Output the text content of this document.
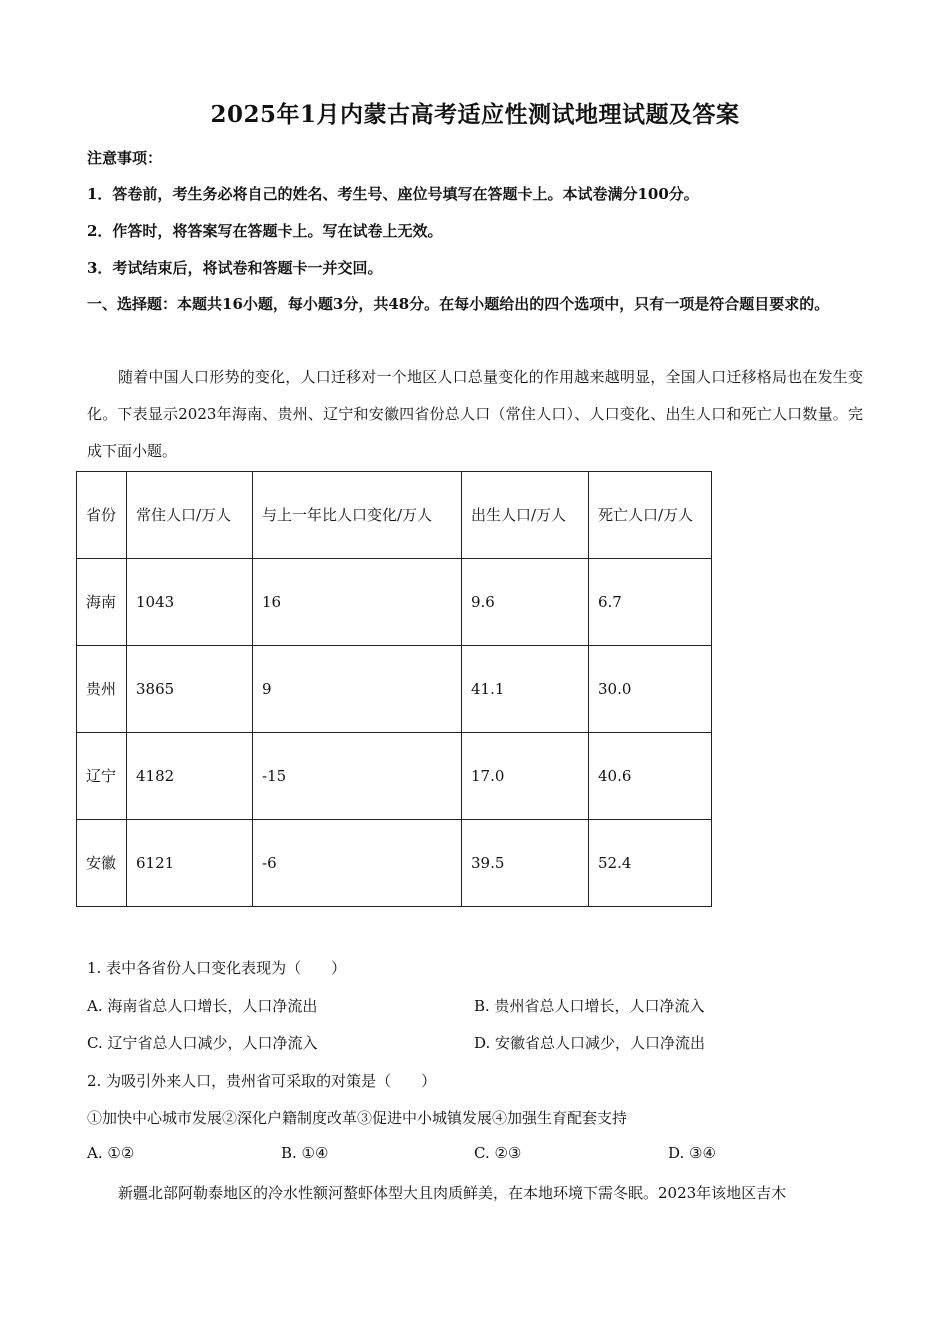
2025年1月内蒙古高考适应性测试地理试题及答案
注意事项：
1．答卷前，考生务必将自己的姓名、考生号、座位号填写在答题卡上。本试卷满分100分。
2．作答时，将答案写在答题卡上。写在试卷上无效。
3．考试结束后，将试卷和答题卡一并交回。
一、选择题：本题共16小题，每小题3分，共48分。在每小题给出的四个选项中，只有一项是符合题目要求的。
随着中国人口形势的变化，人口迁移对一个地区人口总量变化的作用越来越明显，全国人口迁移格局也在发生变化。下表显示2023年海南、贵州、辽宁和安徽四省份总人口（常住人口）、人口变化、出生人口和死亡人口数量。完成下面小题。
省份	常住人口/万人	与上一年比人口变化/万人	出生人口/万人	死亡人口/万人
海南	1043	16	9.6	6.7
贵州	3865	9	41.1	30.0
辽宁	4182	-15	17.0	40.6
安徽	6121	-6	39.5	52.4
1. 表中各省份人口变化表现为（　　）
A. 海南省总人口增长，人口净流出	B. 贵州省总人口增长，人口净流入
C. 辽宁省总人口减少，人口净流入	D. 安徽省总人口减少，人口净流出
2. 为吸引外来人口，贵州省可采取的对策是（　　）
①加快中心城市发展②深化户籍制度改革③促进中小城镇发展④加强生育配套支持
A. ①②	B. ①④	C. ②③	D. ③④
新疆北部阿勒泰地区的冷水性额河螯虾体型大且肉质鲜美，在本地环境下需冬眠。2023年该地区吉木
